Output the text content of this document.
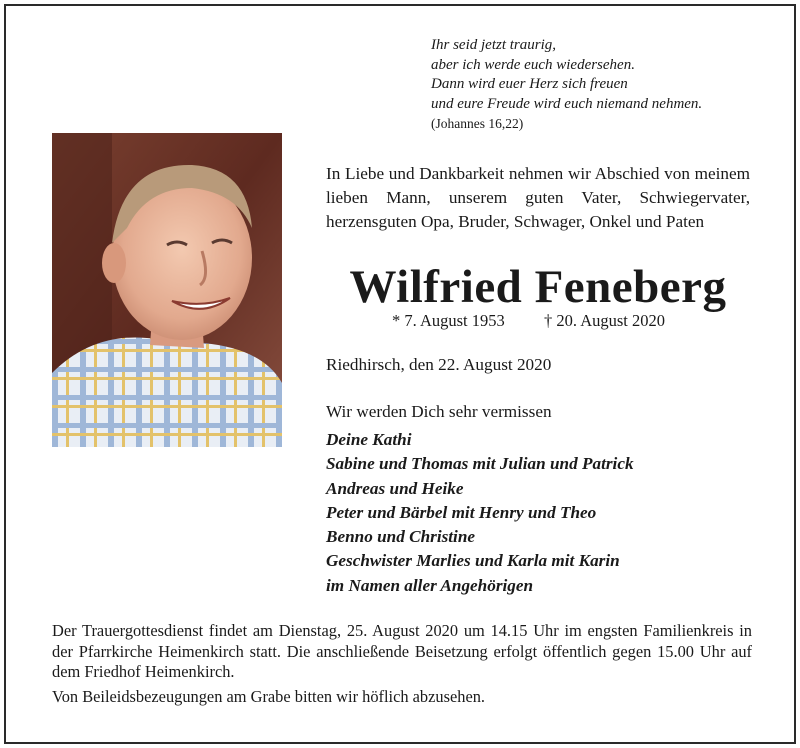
Ihr seid jetzt traurig,
aber ich werde euch wiedersehen.
Dann wird euer Herz sich freuen
und eure Freude wird euch niemand nehmen.
(Johannes 16,22)
In Liebe und Dankbarkeit nehmen wir Abschied von meinem lieben Mann, unserem guten Vater, Schwiegervater, herzensguten Opa, Bruder, Schwager, Onkel und Paten
Wilfried Feneberg
* 7. August 1953 † 20. August 2020
Riedhirsch, den 22. August 2020
Wir werden Dich sehr vermissen
Deine Kathi
Sabine und Thomas mit Julian und Patrick
Andreas und Heike
Peter und Bärbel mit Henry und Theo
Benno und Christine
Geschwister Marlies und Karla mit Karin
im Namen aller Angehörigen
Der Trauergottesdienst findet am Dienstag, 25. August 2020 um 14.15 Uhr im engsten Familienkreis in der Pfarrkirche Heimenkirch statt. Die anschließende Beisetzung erfolgt öffentlich gegen 15.00 Uhr auf dem Friedhof Heimenkirch.
Von Beileidsbezeugungen am Grabe bitten wir höflich abzusehen.
